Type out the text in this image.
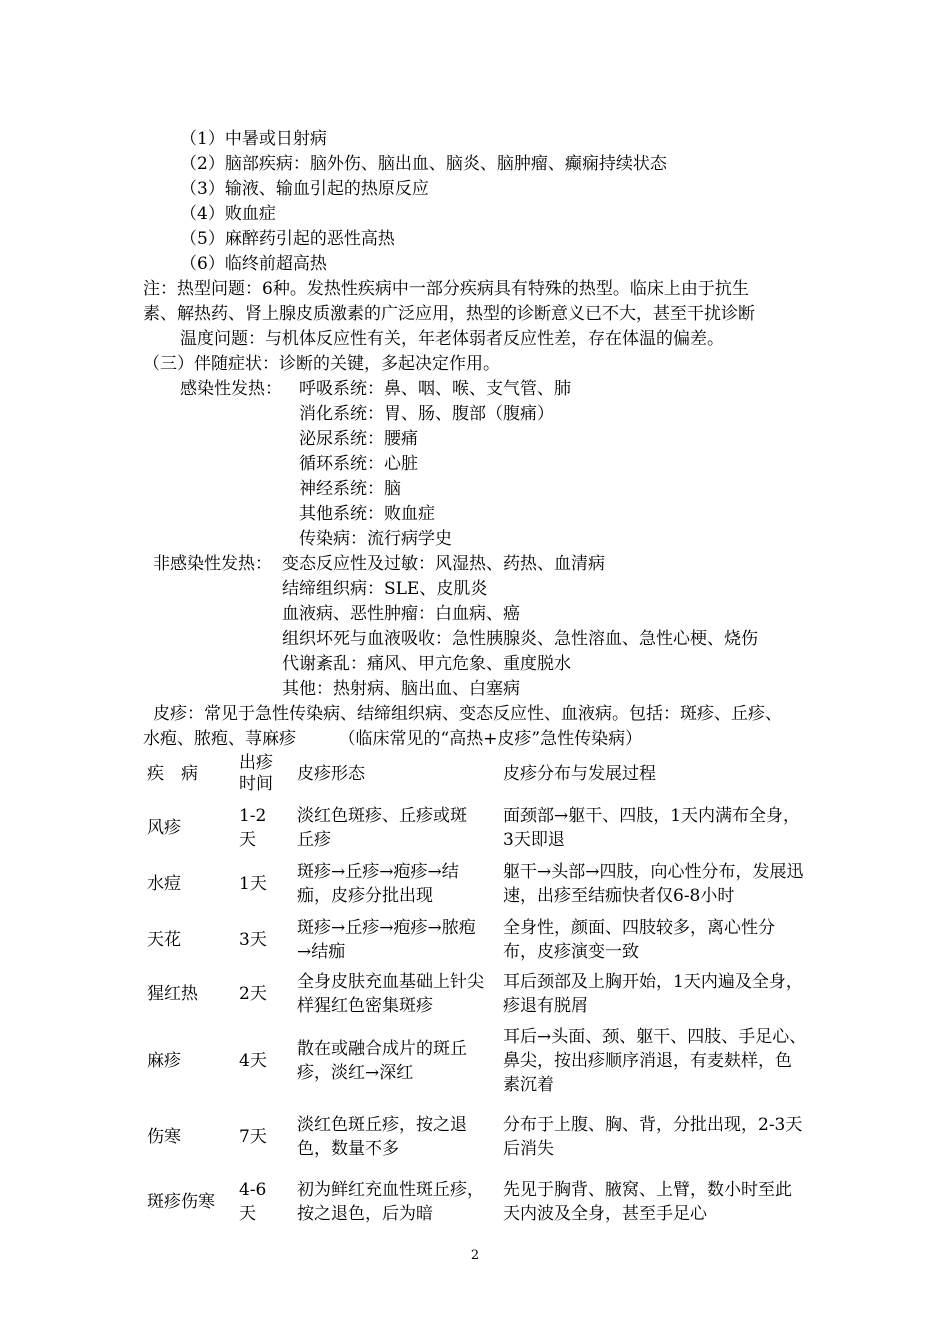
（1）中暑或日射病
（2）脑部疾病：脑外伤、脑出血、脑炎、脑肿瘤、癫痫持续状态
（3）输液、输血引起的热原反应
（4）败血症
（5）麻醉药引起的恶性高热
（6）临终前超高热
注：热型问题：6种。发热性疾病中一部分疾病具有特殊的热型。临床上由于抗生
素、解热药、肾上腺皮质激素的广泛应用，热型的诊断意义已不大，甚至干扰诊断
温度问题：与机体反应性有关，年老体弱者反应性差，存在体温的偏差。
（三）伴随症状：诊断的关键，多起决定作用。
感染性发热： 呼吸系统：鼻、咽、喉、支气管、肺
消化系统：胃、肠、腹部（腹痛）
泌尿系统：腰痛
循环系统：心脏
神经系统：脑
其他系统：败血症
传染病：流行病学史
非感染性发热： 变态反应性及过敏：风湿热、药热、血清病
结缔组织病：SLE、皮肌炎
血液病、恶性肿瘤：白血病、癌
组织坏死与血液吸收：急性胰腺炎、急性溶血、急性心梗、烧伤
代谢紊乱：痛风、甲亢危象、重度脱水
其他：热射病、脑出血、白塞病
皮疹：常见于急性传染病、结缔组织病、变态反应性、血液病。包括：斑疹、丘疹、
水疱、脓疱、荨麻疹　　　（临床常见的“高热+皮疹”急性传染病）
疾　病	出疹时间	皮疹形态	皮疹分布与发展过程
风疹	1-2天	淡红色斑疹、丘疹或斑丘疹	面颈部→躯干、四肢，1天内满布全身，3天即退

水痘	1天	斑疹→丘疹→疱疹→结痂，皮疹分批出现	躯干→头部→四肢，向心性分布，发展迅速，出疹至结痂快者仅6-8小时

天花	3天	斑疹→丘疹→疱疹→脓疱→结痂	全身性，颜面、四肢较多，离心性分布，皮疹演变一致

猩红热	2天	全身皮肤充血基础上针尖样猩红色密集斑疹	耳后颈部及上胸开始，1天内遍及全身，疹退有脱屑

麻疹	4天	散在或融合成片的斑丘疹，淡红→深红	耳后→头面、颈、躯干、四肢、手足心、鼻尖，按出疹顺序消退，有麦麸样，色素沉着

伤寒	7天	淡红色斑丘疹，按之退色，数量不多	分布于上腹、胸、背，分批出现，2-3天后消失

斑疹伤寒	4-6天	初为鲜红充血性斑丘疹，按之退色，后为暗	先见于胸背、腋窝、上臂，数小时至此天内波及全身，甚至手足心
2
